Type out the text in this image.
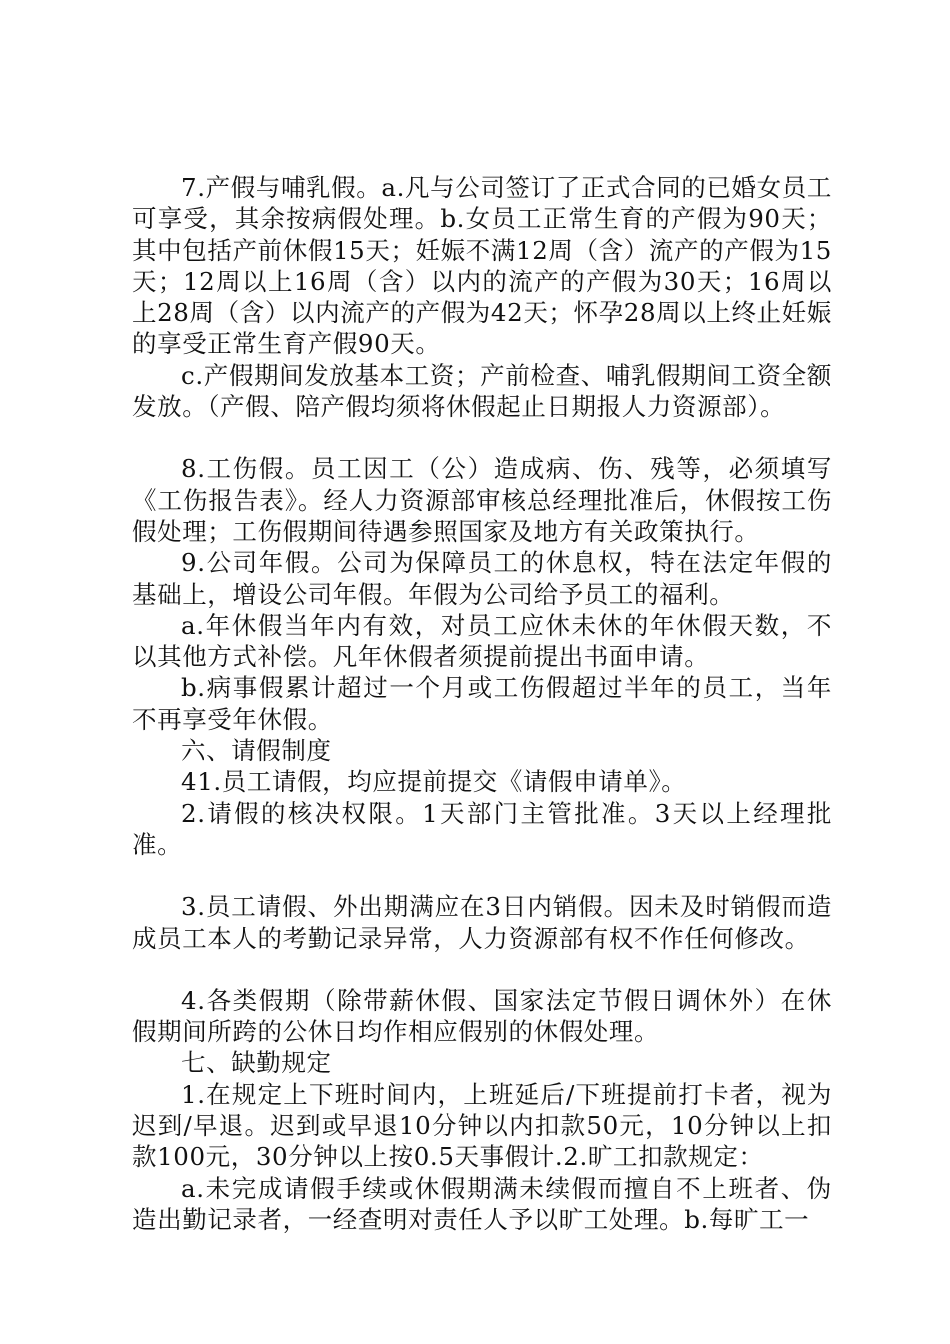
7.产假与哺乳假。a.凡与公司签订了正式合同的已婚女员工可享受，其余按病假处理。b.女员工正常生育的产假为90天；其中包括产前休假15天；妊娠不满12周（含）流产的产假为15天；12周以上16周（含）以内的流产的产假为30天；16周以上28周（含）以内流产的产假为42天；怀孕28周以上终止妊娠的享受正常生育产假90天。

c.产假期间发放基本工资；产前检查、哺乳假期间工资全额发放。（产假、陪产假均须将休假起止日期报人力资源部）。

8.工伤假。员工因工（公）造成病、伤、残等，必须填写《工伤报告表》。经人力资源部审核总经理批准后，休假按工伤假处理；工伤假期间待遇参照国家及地方有关政策执行。

9.公司年假。公司为保障员工的休息权，特在法定年假的基础上，增设公司年假。年假为公司给予员工的福利。

a.年休假当年内有效，对员工应休未休的年休假天数，不以其他方式补偿。凡年休假者须提前提出书面申请。

b.病事假累计超过一个月或工伤假超过半年的员工，当年不再享受年休假。

六、请假制度

41.员工请假，均应提前提交《请假申请单》。

2.请假的核决权限。1天部门主管批准。3天以上经理批准。

3.员工请假、外出期满应在3日内销假。因未及时销假而造成员工本人的考勤记录异常，人力资源部有权不作任何修改。

4.各类假期（除带薪休假、国家法定节假日调休外）在休假期间所跨的公休日均作相应假别的休假处理。

七、缺勤规定

1.在规定上下班时间内，上班延后/下班提前打卡者，视为迟到/早退。迟到或早退10分钟以内扣款50元，10分钟以上扣款100元，30分钟以上按0.5天事假计.2.旷工扣款规定：

a.未完成请假手续或休假期满未续假而擅自不上班者、伪造出勤记录者，一经查明对责任人予以旷工处理。b.每旷工一
